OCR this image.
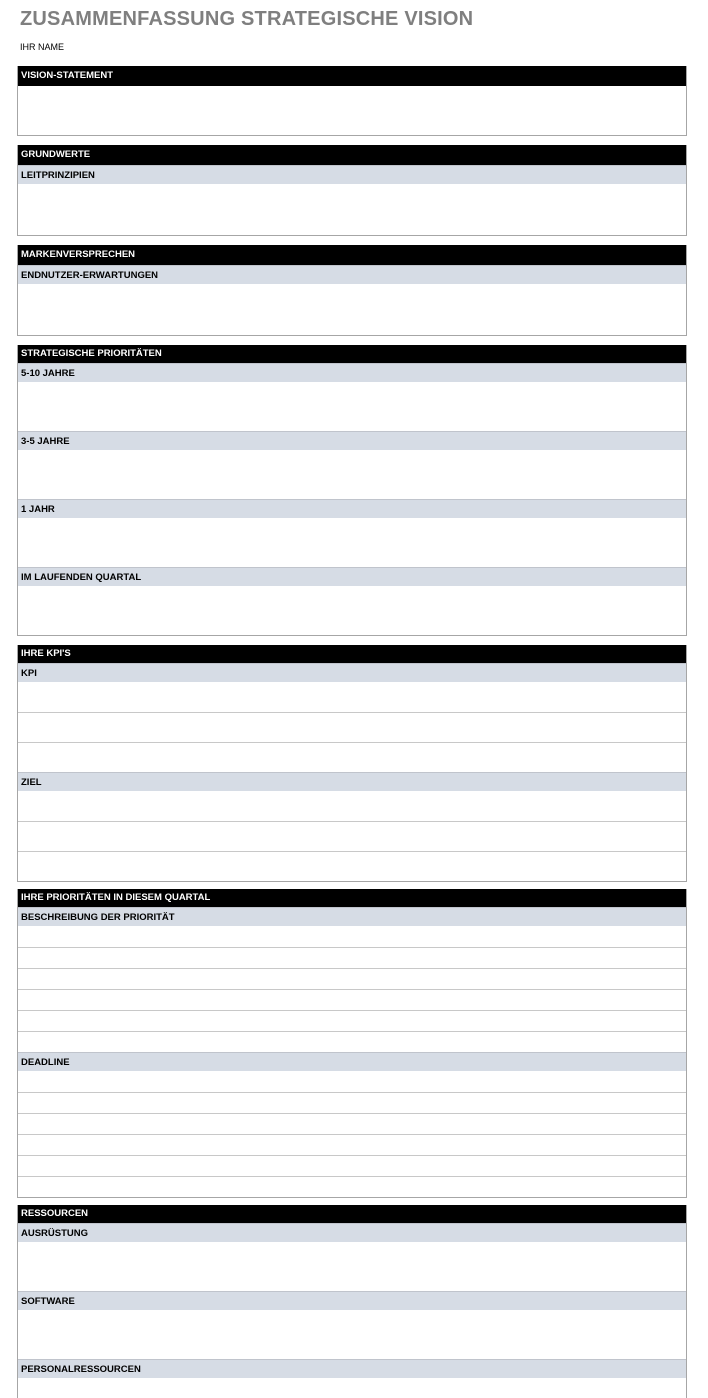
ZUSAMMENFASSUNG STRATEGISCHE VISION
IHR NAME
VISION-STATEMENT
GRUNDWERTE
LEITPRINZIPIEN
MARKENVERSPRECHEN
ENDNUTZER-ERWARTUNGEN
STRATEGISCHE PRIORITÄTEN
5-10 JAHRE
3-5 JAHRE
1 JAHR
IM LAUFENDEN QUARTAL
IHRE KPI'S
KPI
ZIEL
IHRE PRIORITÄTEN IN DIESEM QUARTAL
BESCHREIBUNG DER PRIORITÄT
DEADLINE
RESSOURCEN
AUSRÜSTUNG
SOFTWARE
PERSONALRESSOURCEN
